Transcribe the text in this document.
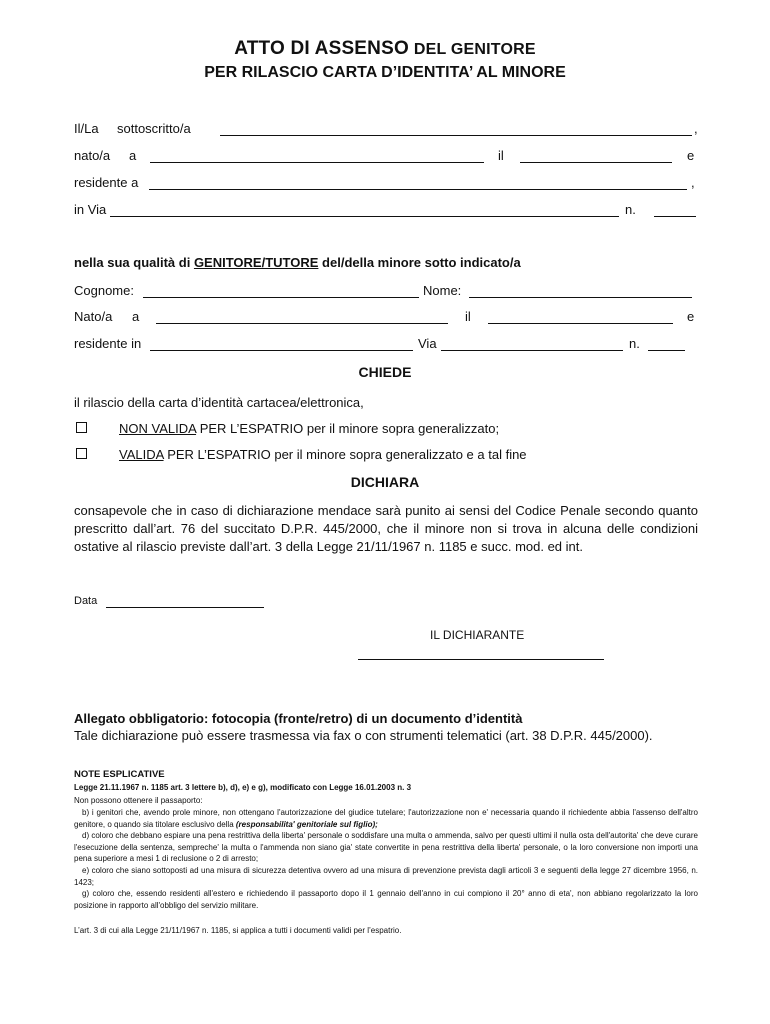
ATTO DI ASSENSO DEL GENITORE
PER RILASCIO CARTA D’IDENTITA’ AL MINORE
Il/La sottoscritto/a	,
nato/a a	il	e
residente a	,
in Via	n.
nella sua qualità di GENITORE/TUTORE del/della minore sotto indicato/a
Cognome:	Nome:
Nato/a a	il	e
residente in	Via	n.
CHIEDE
il rilascio della carta d’identità cartacea/elettronica,
NON VALIDA PER L’ESPATRIO per il minore sopra generalizzato;
VALIDA PER L’ESPATRIO per il minore sopra generalizzato e a tal fine
DICHIARA
consapevole che in caso di dichiarazione mendace sarà punito ai sensi del Codice Penale secondo quanto prescritto dall’art. 76 del succitato D.P.R. 445/2000, che il minore non si trova in alcuna delle condizioni ostative al rilascio previste dall’art. 3 della Legge 21/11/1967 n. 1185 e succ. mod. ed int.
Data
IL DICHIARANTE
Allegato obbligatorio: fotocopia (fronte/retro) di un documento d’identità
Tale dichiarazione può essere trasmessa via fax o con strumenti telematici (art. 38 D.P.R. 445/2000).
NOTE ESPLICATIVE
Legge 21.11.1967 n. 1185 art. 3 lettere b), d), e) e g), modificato con Legge 16.01.2003 n. 3
Non possono ottenere il passaporto:
b) i genitori che, avendo prole minore, non ottengano l'autorizzazione del giudice tutelare; l'autorizzazione non e' necessaria quando il richiedente abbia l'assenso dell'altro genitore, o quando sia titolare esclusivo della (responsabilita' genitoriale sul figlio);
d) coloro che debbano espiare una pena restrittiva della liberta' personale o soddisfare una multa o ammenda, salvo per questi ultimi il nulla osta dell'autorita' che deve curare l'esecuzione della sentenza, sempreche' la multa o l'ammenda non siano gia' state convertite in pena restrittiva della liberta' personale, o la loro conversione non importi una pena superiore a mesi 1 di reclusione o 2 di arresto;
e) coloro che siano sottoposti ad una misura di sicurezza detentiva ovvero ad una misura di prevenzione prevista dagli articoli 3 e seguenti della legge 27 dicembre 1956, n. 1423;
g) coloro che, essendo residenti all'estero e richiedendo il passaporto dopo il 1 gennaio dell'anno in cui compiono il 20° anno di eta', non abbiano regolarizzato la loro posizione in rapporto all'obbligo del servizio militare.
L’art. 3 di cui alla Legge 21/11/1967 n. 1185, si applica a tutti i documenti validi per l’espatrio.
